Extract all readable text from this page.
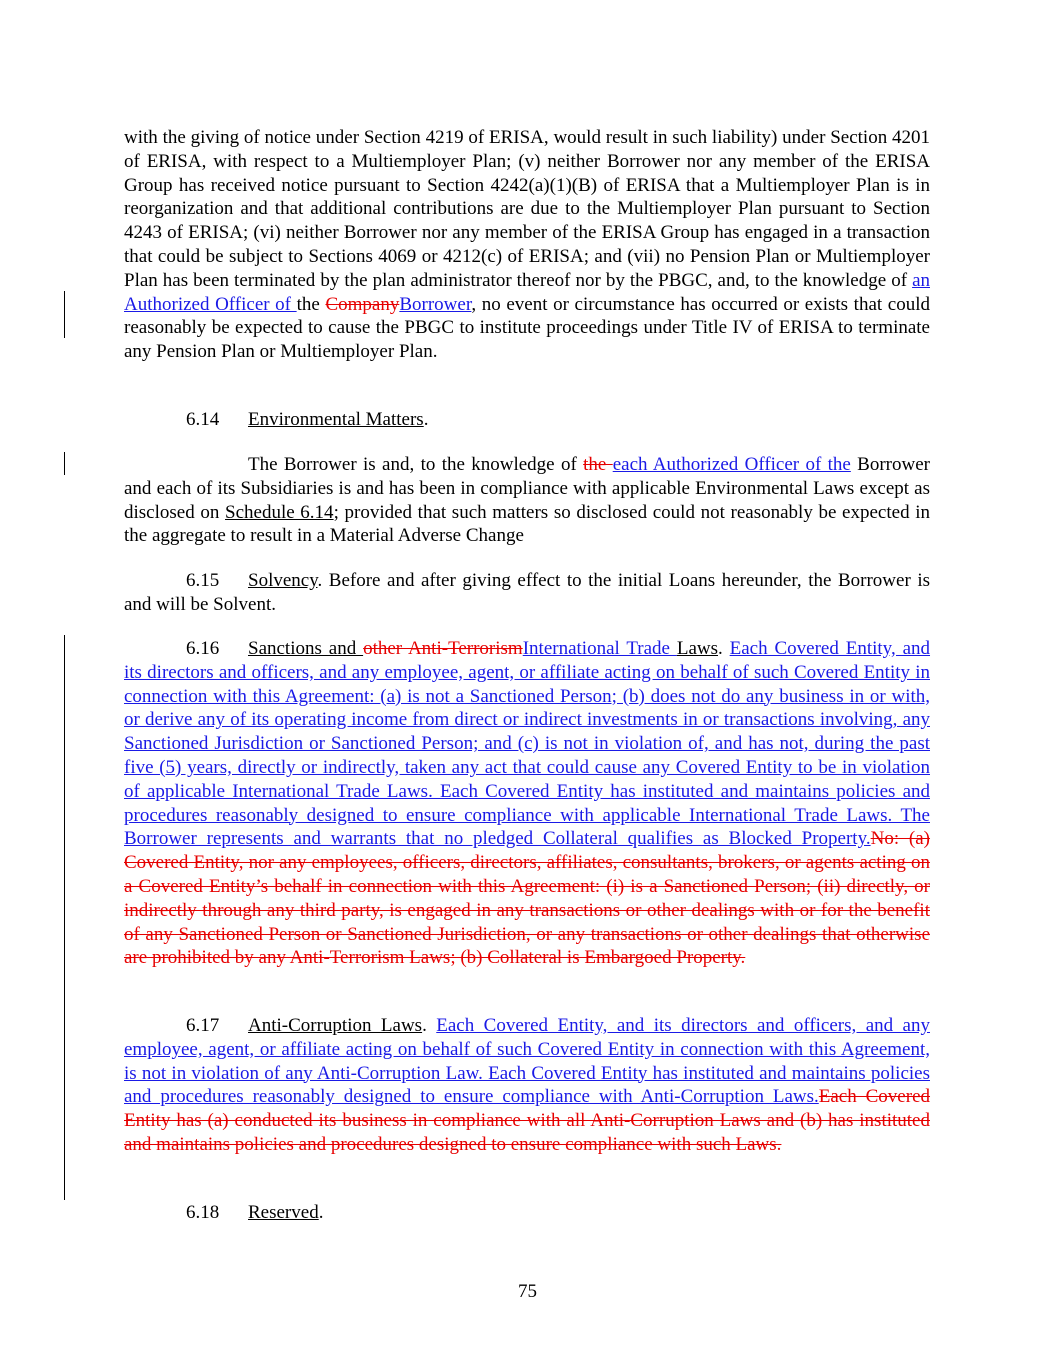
with the giving of notice under Section 4219 of ERISA, would result in such liability) under Section 4201 of ERISA, with respect to a Multiemployer Plan; (v) neither Borrower nor any member of the ERISA Group has received notice pursuant to Section 4242(a)(1)(B) of ERISA that a Multiemployer Plan is in reorganization and that additional contributions are due to the Multiemployer Plan pursuant to Section 4243 of ERISA; (vi) neither Borrower nor any member of the ERISA Group has engaged in a transaction that could be subject to Sections 4069 or 4212(c) of ERISA; and (vii) no Pension Plan or Multiemployer Plan has been terminated by the plan administrator thereof nor by the PBGC, and, to the knowledge of an Authorized Officer of the CompanyBorrower, no event or circumstance has occurred or exists that could reasonably be expected to cause the PBGC to institute proceedings under Title IV of ERISA to terminate any Pension Plan or Multiemployer Plan.

6.14 Environmental Matters.

The Borrower is and, to the knowledge of the each Authorized Officer of the Borrower and each of its Subsidiaries is and has been in compliance with applicable Environmental Laws except as disclosed on Schedule 6.14; provided that such matters so disclosed could not reasonably be expected in the aggregate to result in a Material Adverse Change

6.15 Solvency. Before and after giving effect to the initial Loans hereunder, the Borrower is and will be Solvent.

6.16 Sanctions and other Anti-TerrorismInternational Trade Laws. Each Covered Entity, and its directors and officers, and any employee, agent, or affiliate acting on behalf of such Covered Entity in connection with this Agreement: (a) is not a Sanctioned Person; (b) does not do any business in or with, or derive any of its operating income from direct or indirect investments in or transactions involving, any Sanctioned Jurisdiction or Sanctioned Person; and (c) is not in violation of, and has not, during the past five (5) years, directly or indirectly, taken any act that could cause any Covered Entity to be in violation of applicable International Trade Laws. Each Covered Entity has instituted and maintains policies and procedures reasonably designed to ensure compliance with applicable International Trade Laws. The Borrower represents and warrants that no pledged Collateral qualifies as Blocked Property.No: (a) Covered Entity, nor any employees, officers, directors, affiliates, consultants, brokers, or agents acting on a Covered Entity’s behalf in connection with this Agreement: (i) is a Sanctioned Person; (ii) directly, or indirectly through any third party, is engaged in any transactions or other dealings with or for the benefit of any Sanctioned Person or Sanctioned Jurisdiction, or any transactions or other dealings that otherwise are prohibited by any Anti-Terrorism Laws; (b) Collateral is Embargoed Property.

6.17 Anti-Corruption Laws. Each Covered Entity, and its directors and officers, and any employee, agent, or affiliate acting on behalf of such Covered Entity in connection with this Agreement, is not in violation of any Anti-Corruption Law. Each Covered Entity has instituted and maintains policies and procedures reasonably designed to ensure compliance with Anti-Corruption Laws.Each Covered Entity has (a) conducted its business in compliance with all Anti-Corruption Laws and (b) has instituted and maintains policies and procedures designed to ensure compliance with such Laws.

6.18 Reserved.

75
